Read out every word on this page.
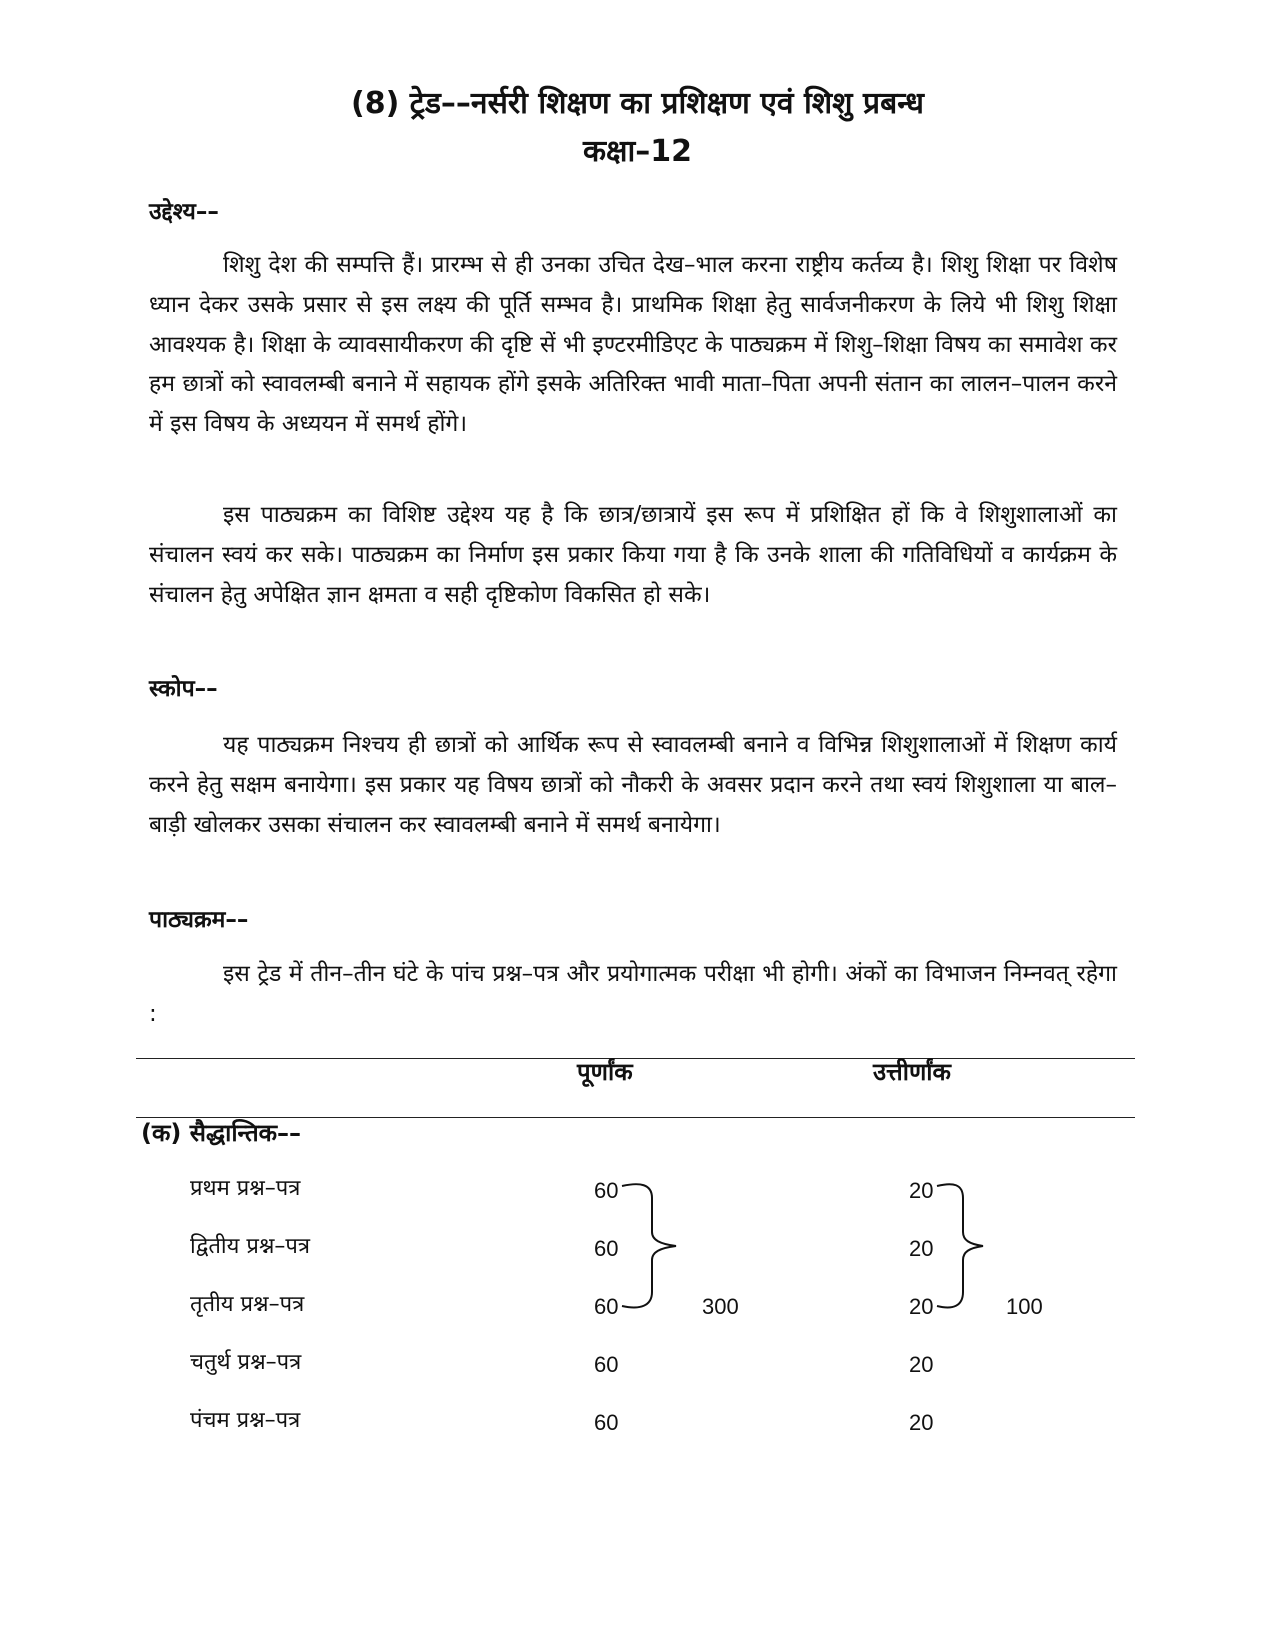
(8) ट्रेड––नर्सरी शिक्षण का प्रशिक्षण एवं शिशु प्रबन्ध

कक्षा–12

उद्देश्य––

शिशु देश की सम्पत्ति हैं। प्रारम्भ से ही उनका उचित देख–भाल करना राष्ट्रीय कर्तव्य है। शिशु शिक्षा पर विशेष ध्यान देकर उसके प्रसार से इस लक्ष्य की पूर्ति सम्भव है। प्राथमिक शिक्षा हेतु सार्वजनीकरण के लिये भी शिशु शिक्षा आवश्यक है। शिक्षा के व्यावसायीकरण की दृष्टि सें भी इण्टरमीडिएट के पाठ्यक्रम में शिशु–शिक्षा विषय का समावेश कर हम छात्रों को स्वावलम्बी बनाने में सहायक होंगे इसके अतिरिक्त भावी माता–पिता अपनी संतान का लालन–पालन करने में इस विषय के अध्ययन में समर्थ होंगे।

इस पाठ्यक्रम का विशिष्ट उद्देश्य यह है कि छात्र/छात्रायें इस रूप में प्रशिक्षित हों कि वे शिशुशालाओं का संचालन स्वयं कर सके। पाठ्यक्रम का निर्माण इस प्रकार किया गया है कि उनके शाला की गतिविधियों व कार्यक्रम के संचालन हेतु अपेक्षित ज्ञान क्षमता व सही दृष्टिकोण विकसित हो सके।

स्कोप––

यह पाठ्यक्रम निश्चय ही छात्रों को आर्थिक रूप से स्वावलम्बी बनाने व विभिन्न शिशुशालाओं में शिक्षण कार्य करने हेतु सक्षम बनायेगा। इस प्रकार यह विषय छात्रों को नौकरी के अवसर प्रदान करने तथा स्वयं शिशुशाला या बाल–बाड़ी खोलकर उसका संचालन कर स्वावलम्बी बनाने में समर्थ बनायेगा।

पाठ्यक्रम––

इस ट्रेड में तीन–तीन घंटे के पांच प्रश्न–पत्र और प्रयोगात्मक परीक्षा भी होगी। अंकों का विभाजन निम्नवत् रहेगा :

पूर्णांक	उत्तीर्णांक

(क) सैद्धान्तिक––

प्रथम प्रश्न–पत्र	60	20

द्वितीय प्रश्न–पत्र	60	20

तृतीय प्रश्न–पत्र	60	20

चतुर्थ प्रश्न–पत्र	60	20

पंचम प्रश्न–पत्र	60	20

300	100
